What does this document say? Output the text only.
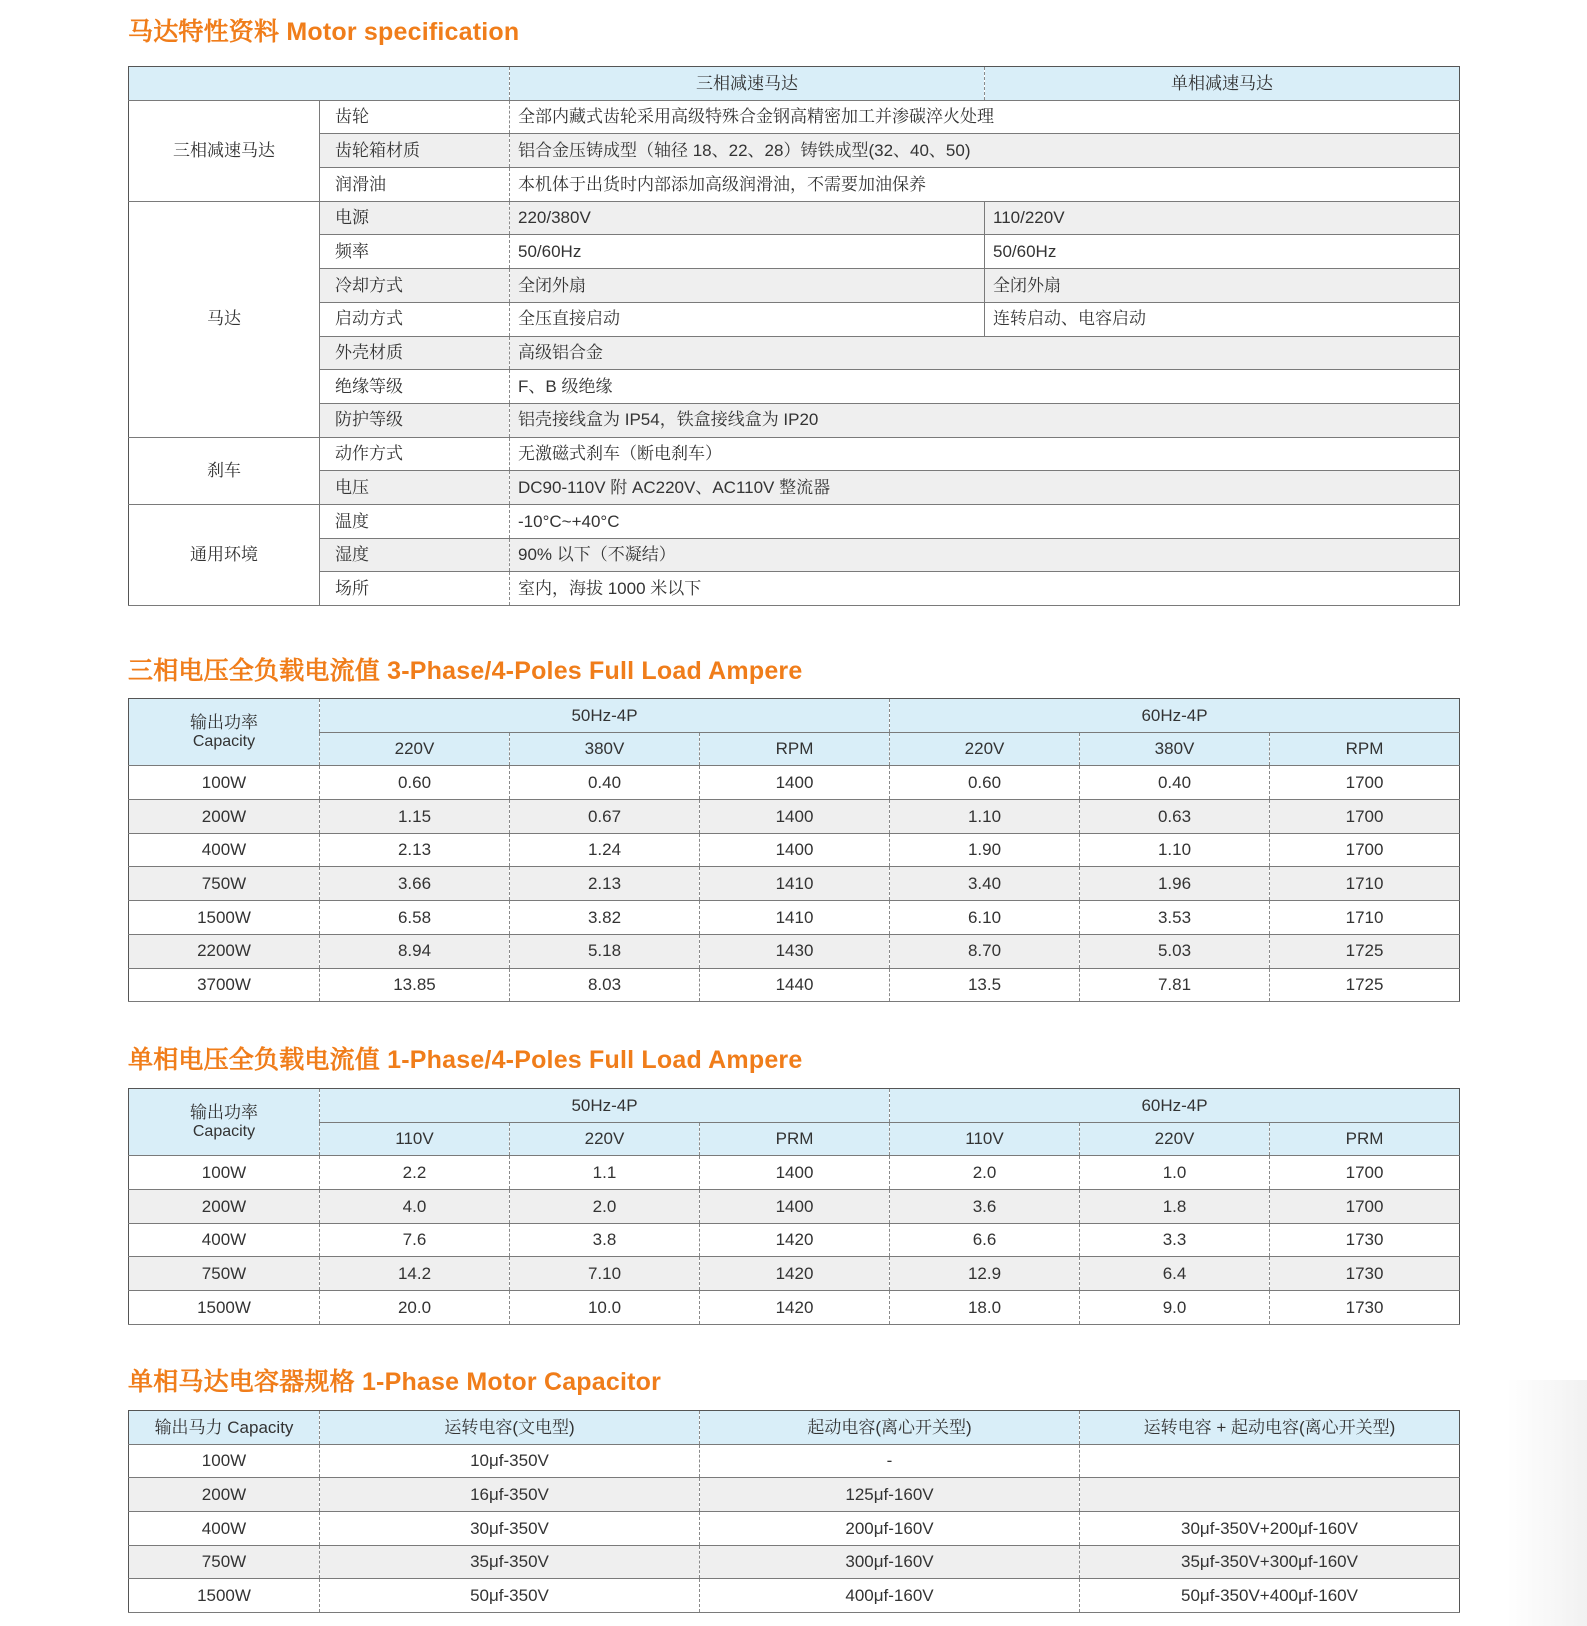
马达特性资料 Motor specification
		三相减速马达	单相减速马达
三相减速马达	齿轮	全部内藏式齿轮采用高级特殊合金钢高精密加工并渗碳淬火处理	
	齿轮箱材质	铝合金压铸成型（轴径 18、22、28）铸铁成型(32、40、50)	
	润滑油	本机体于出货时内部添加高级润滑油，不需要加油保养	
马达	电源	220/380V	110/220V
	频率	50/60Hz	50/60Hz
	冷却方式	全闭外扇	全闭外扇
	启动方式	全压直接启动	连转启动、电容启动
	外壳材质	高级铝合金	
	绝缘等级	F、B 级绝缘	
	防护等级	铝壳接线盒为 IP54，铁盒接线盒为 IP20	
刹车	动作方式	无激磁式刹车（断电刹车）	
	电压	DC90-110V 附 AC220V、AC110V 整流器	
通用环境	温度	-10°C~+40°C	
	湿度	90% 以下（不凝结）	
	场所	室内，海拔 1000 米以下	
三相电压全负载电流值 3-Phase/4-Poles Full Load Ampere
输出功率
Capacity	50Hz-4P			60Hz-4P		
	220V	380V	RPM	220V	380V	RPM
100W	0.60	0.40	1400	0.60	0.40	1700
200W	1.15	0.67	1400	1.10	0.63	1700
400W	2.13	1.24	1400	1.90	1.10	1700
750W	3.66	2.13	1410	3.40	1.96	1710
1500W	6.58	3.82	1410	6.10	3.53	1710
2200W	8.94	5.18	1430	8.70	5.03	1725
3700W	13.85	8.03	1440	13.5	7.81	1725
单相电压全负载电流值 1-Phase/4-Poles Full Load Ampere
输出功率
Capacity	50Hz-4P			60Hz-4P		
	110V	220V	PRM	110V	220V	PRM
100W	2.2	1.1	1400	2.0	1.0	1700
200W	4.0	2.0	1400	3.6	1.8	1700
400W	7.6	3.8	1420	6.6	3.3	1730
750W	14.2	7.10	1420	12.9	6.4	1730
1500W	20.0	10.0	1420	18.0	9.0	1730
单相马达电容器规格 1-Phase Motor Capacitor
输出马力 Capacity	运转电容(文电型)	起动电容(离心开关型)	运转电容 + 起动电容(离心开关型)
100W	10μf-350V	-	
200W	16μf-350V	125μf-160V	
400W	30μf-350V	200μf-160V	30μf-350V+200μf-160V
750W	35μf-350V	300μf-160V	35μf-350V+300μf-160V
1500W	50μf-350V	400μf-160V	50μf-350V+400μf-160V
